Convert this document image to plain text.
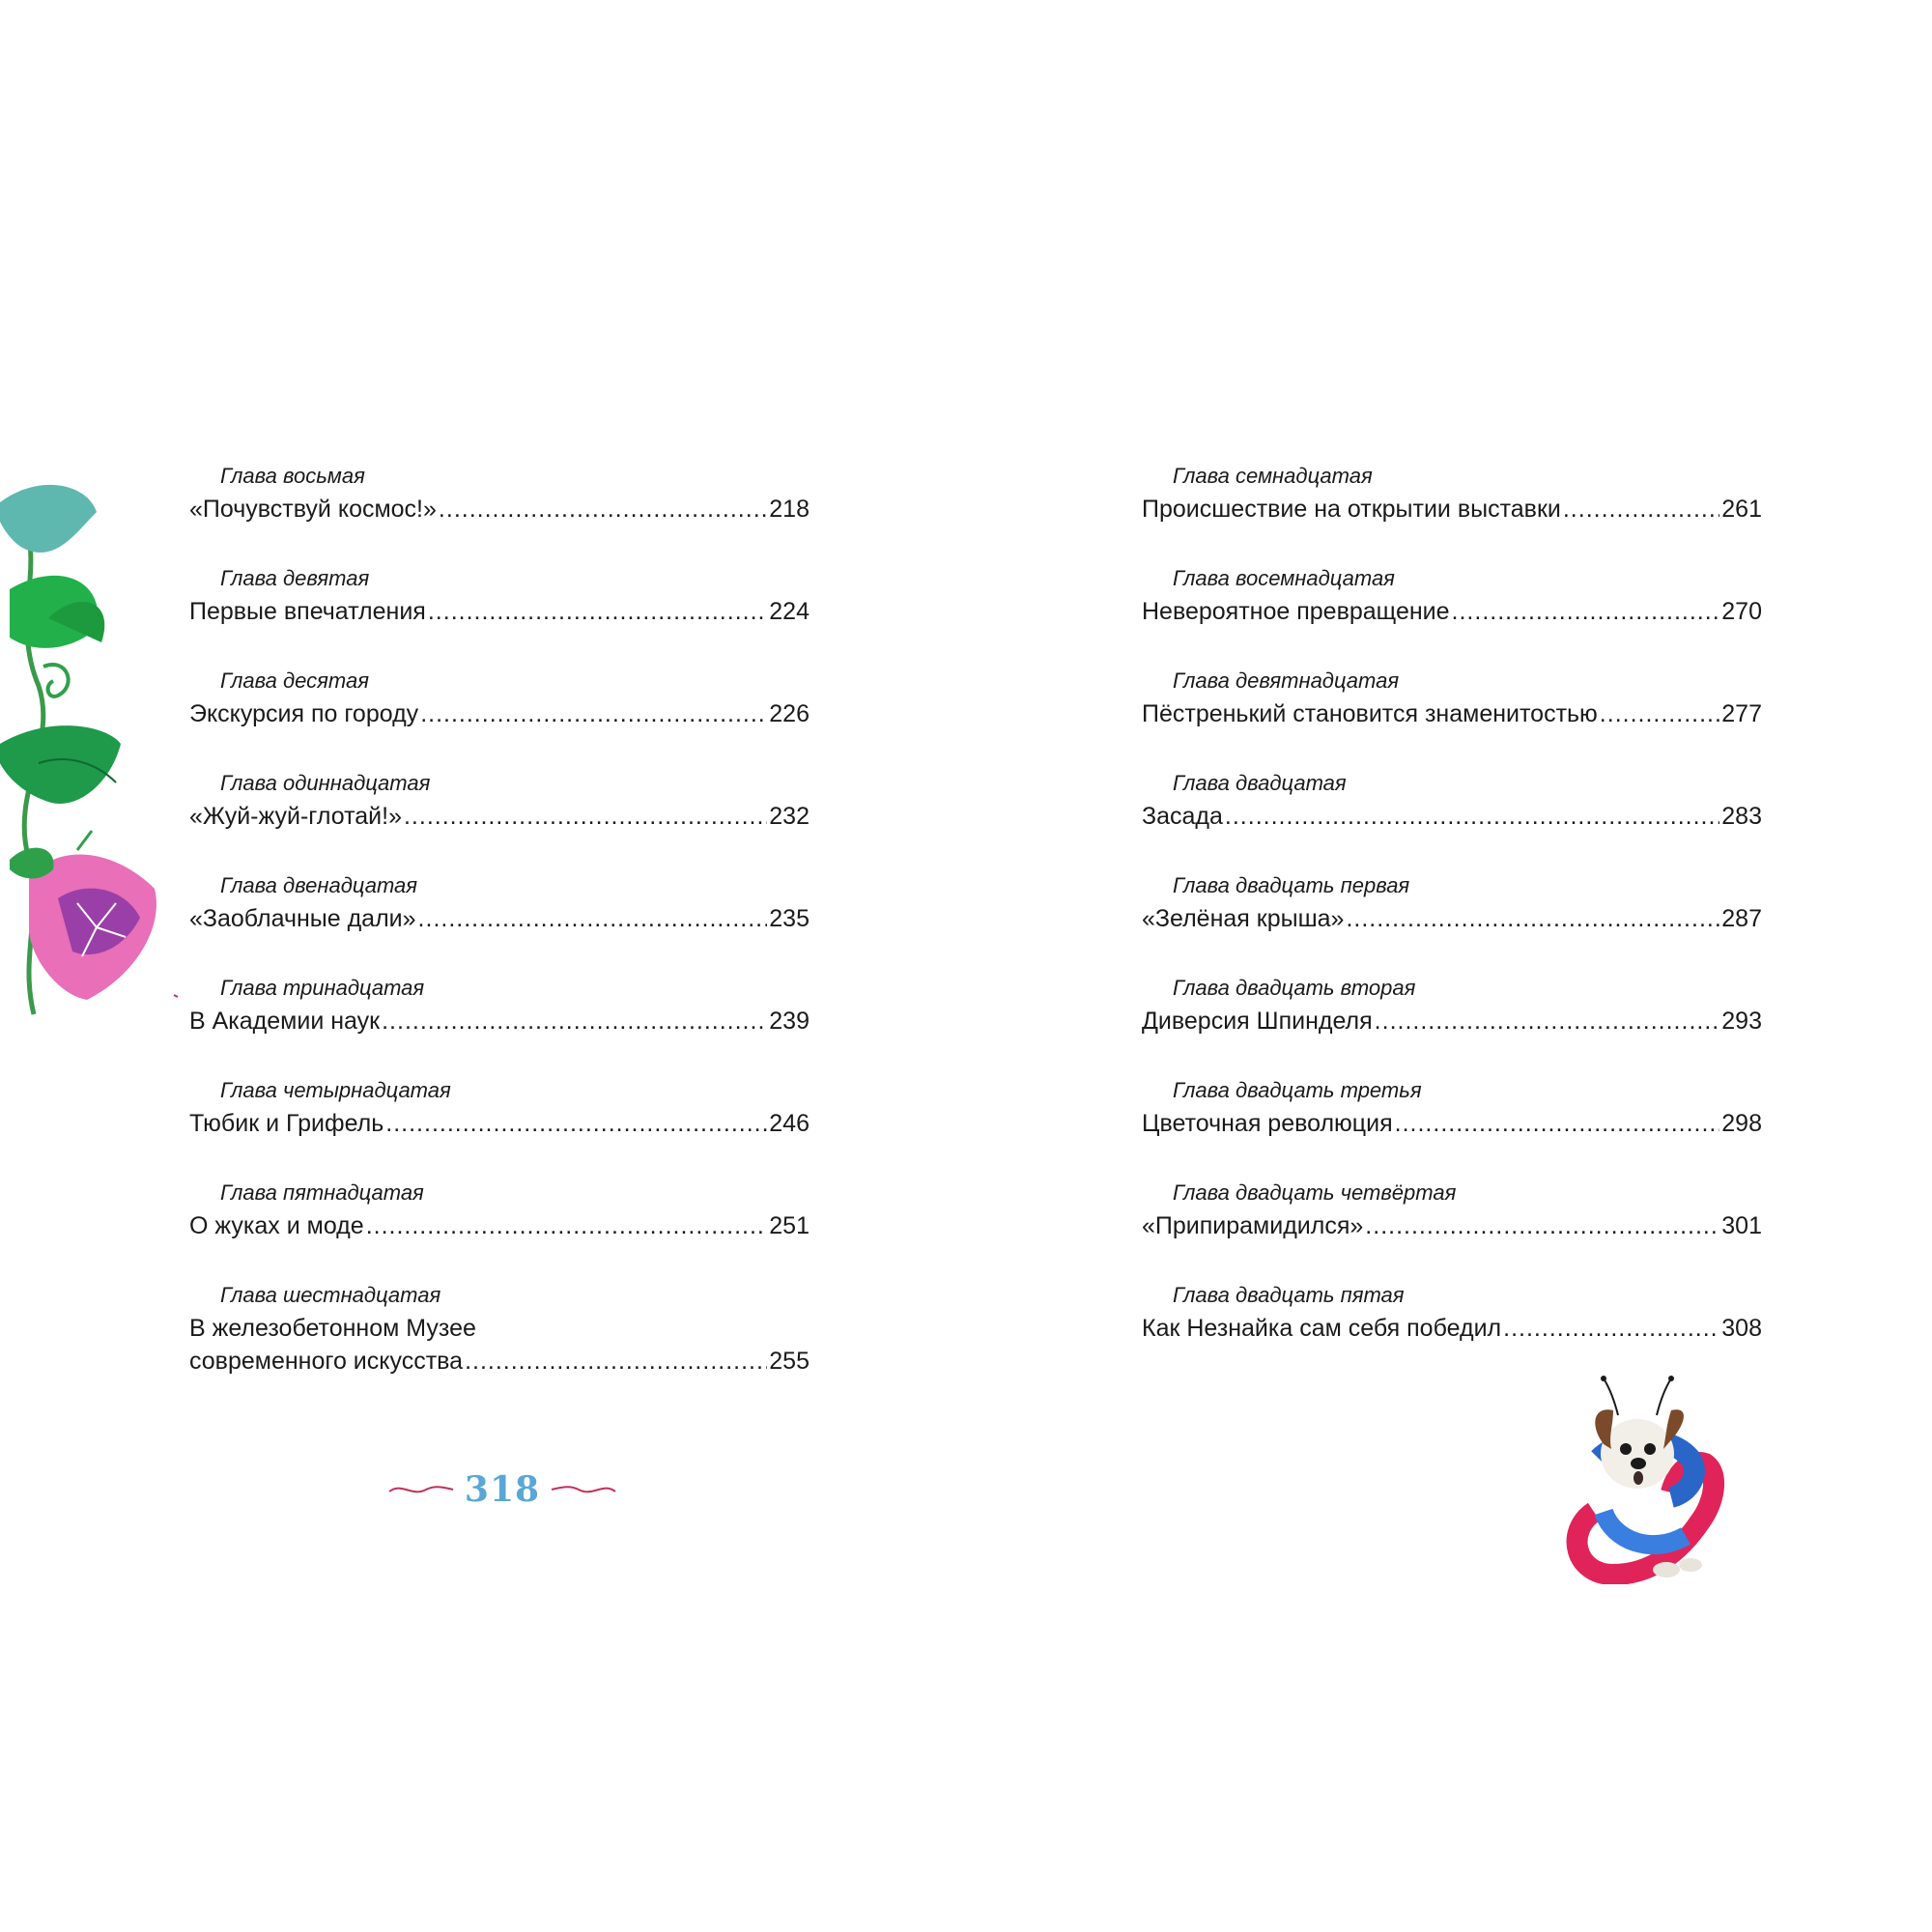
Глава восьмая
«Почувствуй космос!» .....	218
Глава девятая
Первые впечатления .....	224
Глава десятая
Экскурсия по городу .....	226
Глава одиннадцатая
«Жуй-жуй-глотай!» .....	232
Глава двенадцатая
«Заоблачные дали» .....	235
Глава тринадцатая
В Академии наук .....	239
Глава четырнадцатая
Тюбик и Грифель .....	246
Глава пятнадцатая
О жуках и моде .....	251
Глава шестнадцатая
В железобетонном Музее
современного искусства .....	255
Глава семнадцатая
Происшествие на открытии выставки .....	261
Глава восемнадцатая
Невероятное превращение .....	270
Глава девятнадцатая
Пёстренький становится знаменитостью .....	277
Глава двадцатая
Засада .....	283
Глава двадцать первая
«Зелёная крыша» .....	287
Глава двадцать вторая
Диверсия Шпинделя .....	293
Глава двадцать третья
Цветочная революция .....	298
Глава двадцать четвёртая
«Припирамидился» .....	301
Глава двадцать пятая
Как Незнайка сам себя победил .....	308
318
